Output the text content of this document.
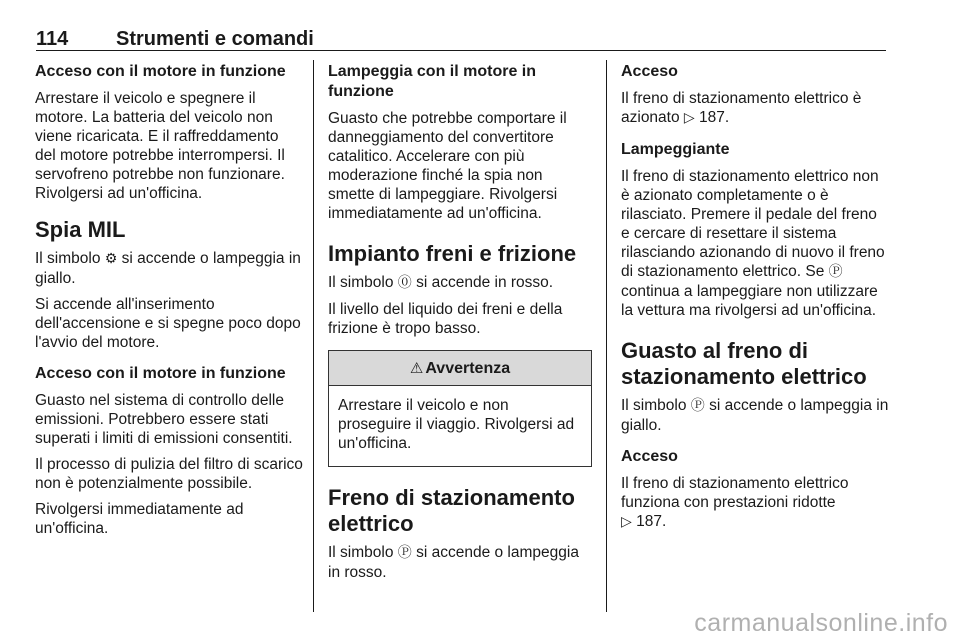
114 Strumenti e comandi
Acceso con il motore in funzione

Arrestare il veicolo e spegnere il motore. La batteria del veicolo non viene ricaricata. E il raffreddamento del motore potrebbe interrompersi. Il servofreno potrebbe non funzionare. Rivolgersi ad un'officina.

Spia MIL

Il simbolo ⚙ si accende o lampeggia in giallo.

Si accende all'inserimento dell'accensione e si spegne poco dopo l'avvio del motore.

Acceso con il motore in funzione

Guasto nel sistema di controllo delle emissioni. Potrebbero essere stati superati i limiti di emissioni consentiti.

Il processo di pulizia del filtro di scarico non è potenzialmente possibile.

Rivolgersi immediatamente ad un'officina.

Lampeggia con il motore in funzione

Guasto che potrebbe comportare il danneggiamento del convertitore catalitico. Accelerare con più moderazione finché la spia non smette di lampeggiare. Rivolgersi immediatamente ad un'officina.

Impianto freni e frizione

Il simbolo ⓪ si accende in rosso.

Il livello del liquido dei freni e della frizione è tropo basso.

⚠ Avvertenza

Arrestare il veicolo e non proseguire il viaggio. Rivolgersi ad un'officina.

Freno di stazionamento elettrico

Il simbolo Ⓟ si accende o lampeggia in rosso.

Acceso

Il freno di stazionamento elettrico è azionato ▷ 187.

Lampeggiante

Il freno di stazionamento elettrico non è azionato completamente o è rilasciato. Premere il pedale del freno e cercare di resettare il sistema rilasciando azionando di nuovo il freno di stazionamento elettrico. Se Ⓟ continua a lampeggiare non utilizzare la vettura ma rivolgersi ad un'officina.

Guasto al freno di stazionamento elettrico

Il simbolo Ⓟ si accende o lampeggia in giallo.

Acceso

Il freno di stazionamento elettrico funziona con prestazioni ridotte
▷ 187.

carmanualsonline.info
